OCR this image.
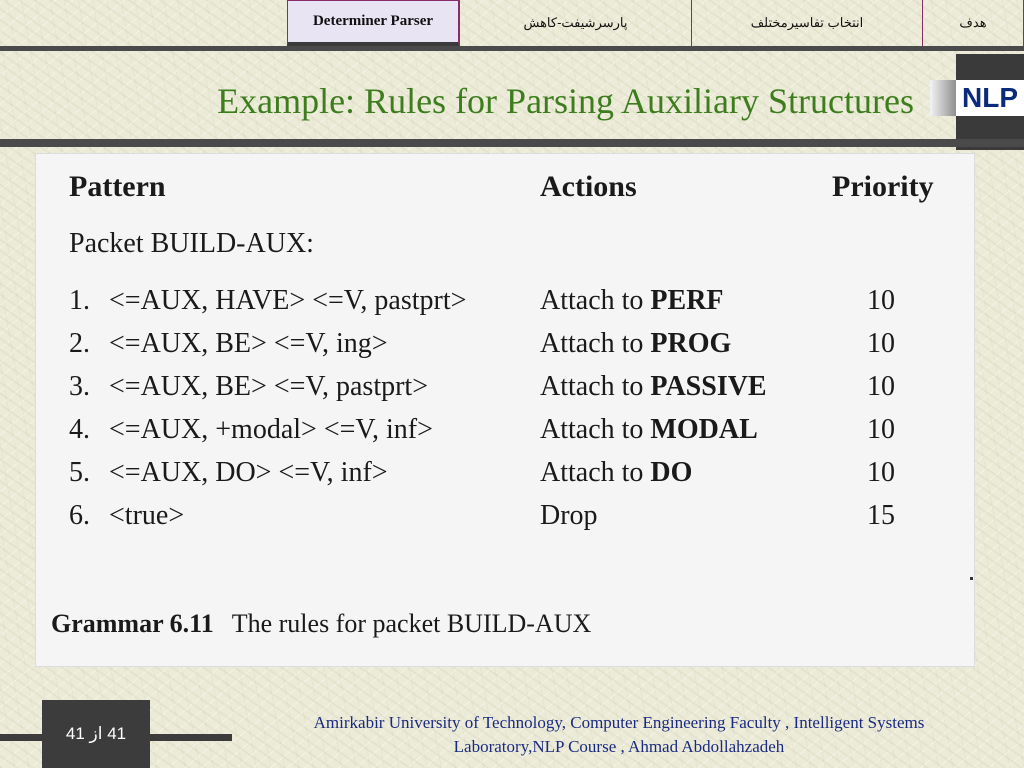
Determiner Parser	پارسرشیفت-کاهش	انتخاب تفاسیرمختلف	هدف
Example: Rules for Parsing Auxiliary Structures NLP
Pattern	Actions	Priority
Packet BUILD-AUX:
1. <=AUX, HAVE> <=V, pastprt>	Attach to PERF	10
2. <=AUX, BE> <=V, ing>	Attach to PROG	10
3. <=AUX, BE> <=V, pastprt>	Attach to PASSIVE	10
4. <=AUX, +modal> <=V, inf>	Attach to MODAL	10
5. <=AUX, DO> <=V, inf>	Attach to DO	10
6. <true>	Drop	15
Grammar 6.11 The rules for packet BUILD-AUX
41 از 41
Amirkabir University of Technology, Computer Engineering Faculty , Intelligent Systems
Laboratory,NLP Course , Ahmad Abdollahzadeh
